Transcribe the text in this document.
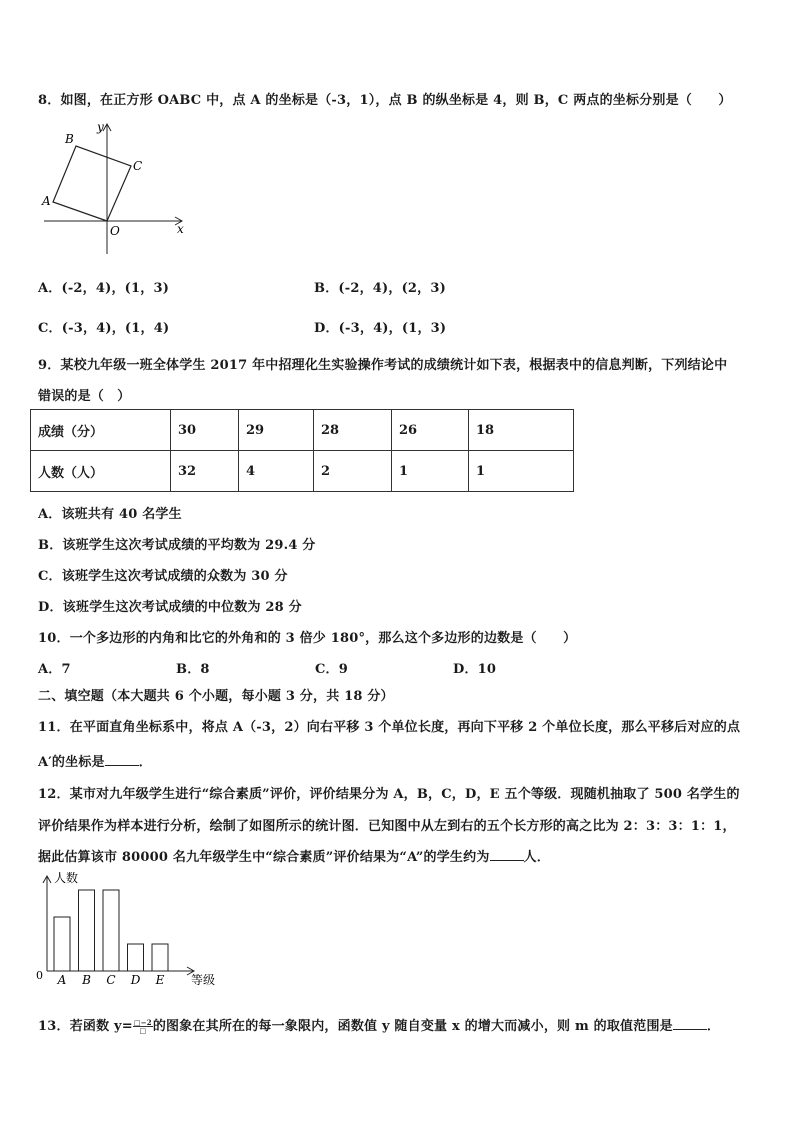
8．如图，在正方形 OABC 中，点 A 的坐标是（-3，1），点 B 的纵坐标是 4，则 B，C 两点的坐标分别是（　　）
B
C
A
O	x
y
A．(-2，4)，(1，3)	B．(-2，4)，(2，3)
C．(-3，4)，(1，4)	D．(-3，4)，(1，3)
9．某校九年级一班全体学生 2017 年中招理化生实验操作考试的成绩统计如下表，根据表中的信息判断，下列结论中
错误的是（　）
成绩（分）	30	29	28	26	18
人数（人）	32	4	2	1	1
A．该班共有 40 名学生
B．该班学生这次考试成绩的平均数为 29.4 分
C．该班学生这次考试成绩的众数为 30 分
D．该班学生这次考试成绩的中位数为 28 分
10．一个多边形的内角和比它的外角和的 3 倍少 180°，那么这个多边形的边数是（　　）
A．7	B．8	C．9	D．10
二、填空题（本大题共 6 个小题，每小题 3 分，共 18 分）
11．在平面直角坐标系中，将点 A（-3，2）向右平移 3 个单位长度，再向下平移 2 个单位长度，那么平移后对应的点
A′的坐标是	．
12．某市对九年级学生进行“综合素质”评价，评价结果分为 A，B，C，D，E 五个等级．现随机抽取了 500 名学生的
评价结果作为样本进行分析，绘制了如图所示的统计图．已知图中从左到右的五个长方形的高之比为 2：3：3：1：1，
据此估算该市 80000 名九年级学生中“综合素质”评价结果为“A”的学生约为	人．
A B C D E
人数
等级
0
13．若函数 $y= \frac{□-2}{□}$ 的图象在其所在的每一象限内，函数值 y 随自变量 x 的增大而减小，则 m 的取值范围是	．
